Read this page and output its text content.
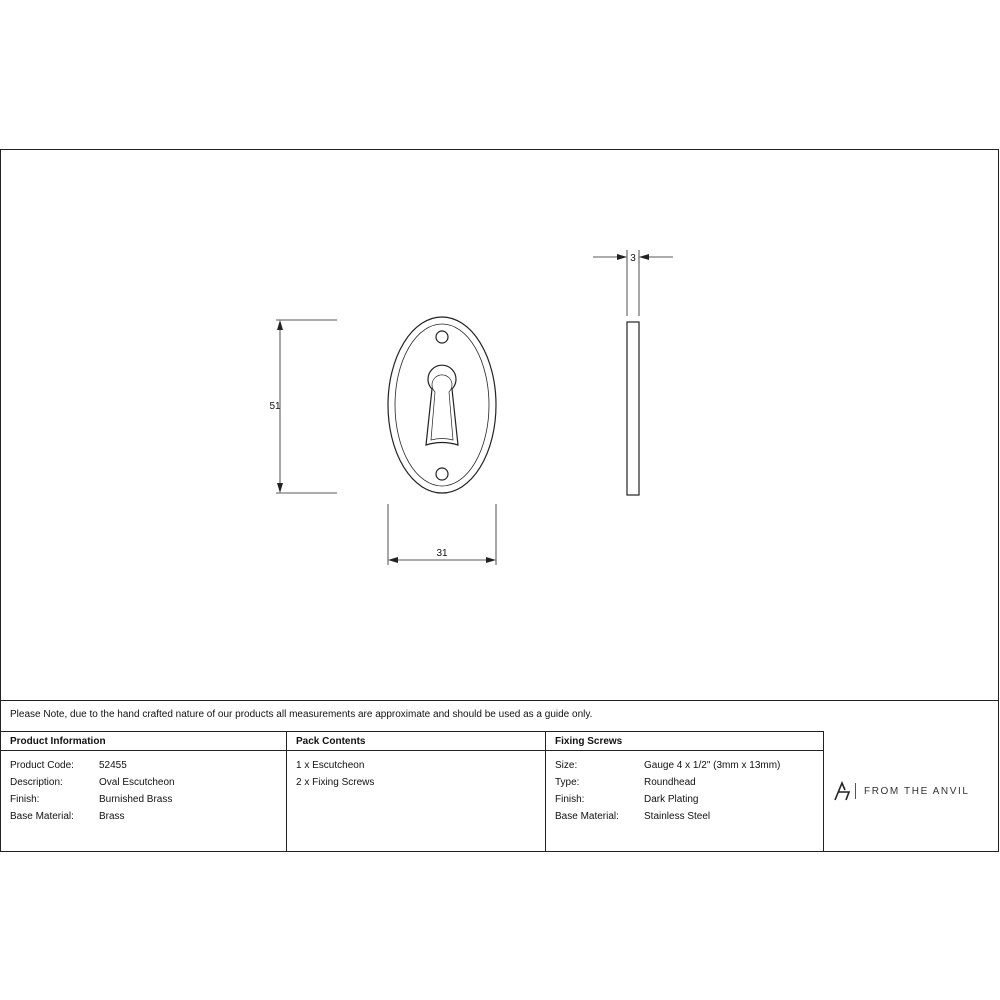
51
31
3
Please Note, due to the hand crafted nature of our products all measurements are approximate and should be used as a guide only.
Product Information	Pack Contents	Fixing Screws
Product Code:	52455
Description:	Oval Escutcheon
Finish:	Burnished Brass
Base Material:	Brass
1 x Escutcheon
2 x Fixing Screws
Size:	Gauge 4 x 1/2" (3mm x 13mm)
Type:	Roundhead
Finish:	Dark Plating
Base Material:	Stainless Steel
FROM THE ANVIL
